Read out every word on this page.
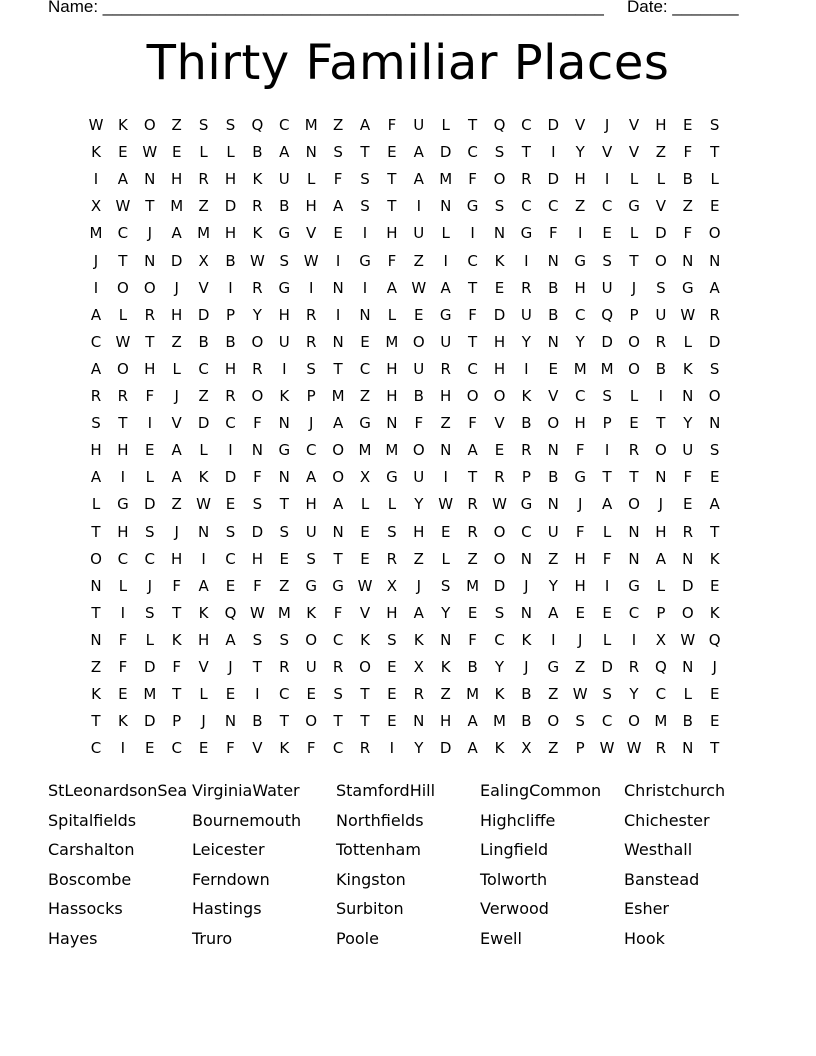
Name: _____________________________________________________ Date: _______
Thirty Familiar Places
W K	O	Z	S	S	Q	C	M	Z	A	F	U	L	T	Q	C	D	V	J	V	H	E	S
K	E W E	L	L	B	A	N	S	T	E	A	D	C	S	T	I	Y	V	V	Z	F	T
I	A	N	H	R	H	K	U	L	F	S	T	A	M	F	O	R	D	H	I	L	L	B	L
X W T	M	Z	D	R	B	H	A	S	T	I	N	G	S	C	C	Z	C	G	V	Z	E
M	C	J	A	M H	K	G	V	E	I	H	U	L	I	N	G	F	I	E	L	D	F	O
J	T	N	D	X	B W S W	I	G	F	Z	I	C	K	I	N	G	S	T	O	N	N
I	O	O	J	V	I	R	G	I	N	I	A W A	T	E	R	B	H	U	J	S	G	A
A	L	R	H	D	P	Y	H	R	I	N	L	E	G	F	D	U	B	C	Q	P	U W R
C W T	Z	B	B	O	U	R	N	E	M O	U	T	H	Y	N	Y	D	O	R	L	D
A	O	H	L	C	H	R	I	S	T	C	H	U	R	C	H	I	E	M M O	B	K	S
R	R	F	J	Z	R	O	K	P	M	Z	H	B	H	O	O	K	V	C	S	L	I	N	O
S	T	I	V	D	C	F	N	J	A	G	N	F	Z	F	V	B	O	H	P	E	T	Y	N
H	H	E	A	L	I	N	G	C	O M M O	N	A	E	R	N	F	I	R	O	U	S
A	I	L	A	K	D	F	N	A	O	X	G	U	I	T	R	P	B	G	T	T	N	F	E
L	G	D	Z W E	S	T	H	A	L	L	Y W R W G	N	J	A	O	J	E	A
T	H	S	J	N	S	D	S	U	N	E	S	H	E	R	O	C	U	F	L	N	H	R	T
O	C	C	H	I	C	H	E	S	T	E	R	Z	L	Z	O	N	Z	H	F	N	A	N	K
N	L	J	F	A	E	F	Z	G	G W X	J	S	M D	J	Y	H	I	G	L	D	E
T	I	S	T	K	Q W M	K	F	V	H	A	Y	E	S	N	A	E	E	C	P	O	K
N	F	L	K	H	A	S	S	O	C	K	S	K	N	F	C	K	I	J	L	I	X W Q
Z	F	D	F	V	J	T	R	U	R	O	E	X	K	B	Y	J	G	Z	D	R	Q	N	J
K	E	M	T	L	E	I	C	E	S	T	E	R	Z	M	K	B	Z W S	Y	C	L	E
T	K	D	P	J	N	B	T	O	T	T	E	N	H	A	M	B	O	S	C	O M	B	E
C	I	E	C	E	F	V	K	F	C	R	I	Y	D	A	K	X	Z	P W W R	N	T
StLeonardsonSea VirginiaWater	StamfordHill	EalingCommon	Christchurch
Spitalfields	Bournemouth	Northfields	Highcliffe	Chichester
Carshalton	Leicester	Tottenham	Lingfield	Westhall
Boscombe	Ferndown	Kingston	Tolworth	Banstead
Hassocks	Hastings	Surbiton	Verwood	Esher
Hayes	Truro	Poole	Ewell	Hook
